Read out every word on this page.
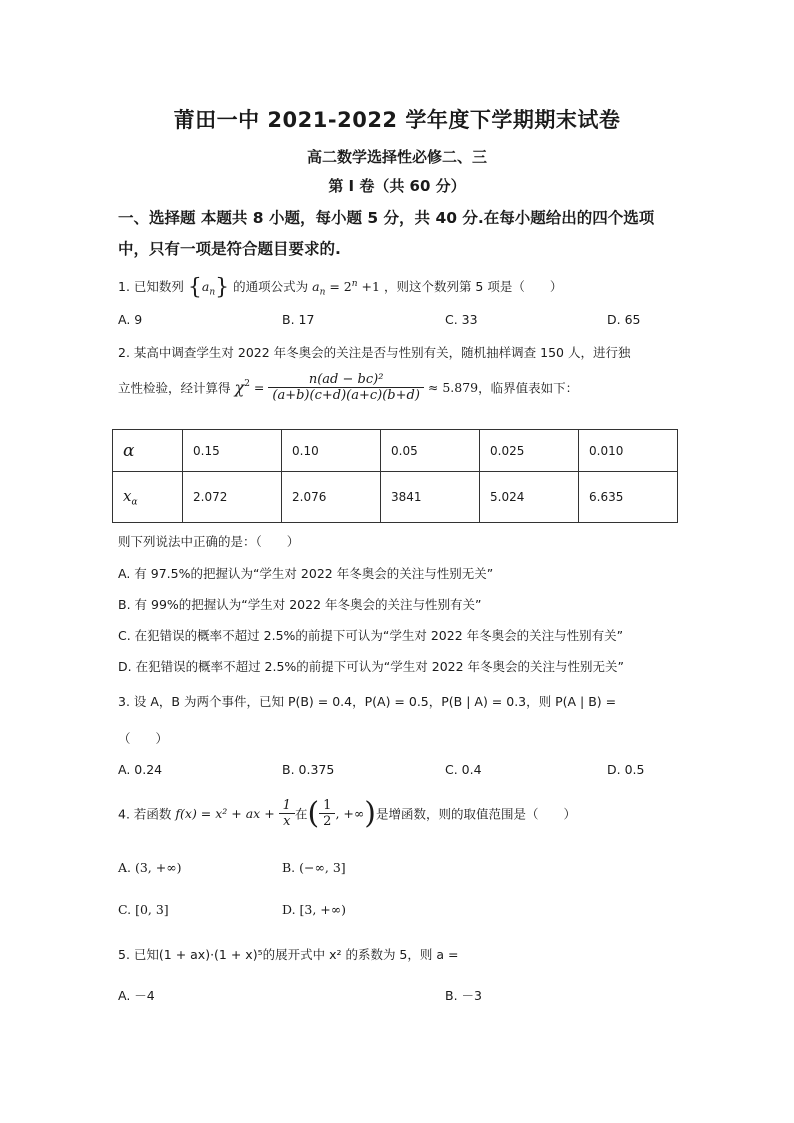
莆田一中 2021-2022 学年度下学期期末试卷
高二数学选择性必修二、三
第 I 卷（共 60 分）
一、选择题 本题共 8 小题，每小题 5 分，共 40 分.在每小题给出的四个选项中，只有一项是符合题目要求的.
1. 已知数列 $\{a_n\}$ 的通项公式为 $a_n = 2^n +1$ ，则这个数列第 5 项是（　　）
A. 9	B. 17	C. 33	D. 65
2. 某高中调查学生对 2022 年冬奥会的关注是否与性别有关，随机抽样调查 150 人，进行独
立性检验，经计算得 $\chi^2 = \frac{\text{n(ad − bc)²}}{(a+b)(c+d)(a+c)(b+d)} \approx 5.879$，临界值表如下：
α	0.15	0.10	0.05	0.025	0.010
$x_\alpha$	2.072	2.076	3841	5.024	6.635
则下列说法中正确的是：（　　）
A. 有 97.5%的把握认为“学生对 2022 年冬奥会的关注与性别无关”
B. 有 99%的把握认为“学生对 2022 年冬奥会的关注与性别有关”
C. 在犯错误的概率不超过 2.5%的前提下可认为“学生对 2022 年冬奥会的关注与性别有关”
D. 在犯错误的概率不超过 2.5%的前提下可认为“学生对 2022 年冬奥会的关注与性别无关”
3. 设 A，B 为两个事件，已知 P(B) = 0.4，P(A) = 0.5，P(B | A) = 0.3，则 P(A | B) =
（　　）
A. 0.24	B. 0.375	C. 0.4	D. 0.5
4. 若函数 f(x) = x² + ax + $\frac{1}{x}$ 在( $\frac{1}{2}$ , +∞)是增函数，则的取值范围是（　　）
A. (3, +∞)	B. (−∞, 3]
C. [0, 3]	D. [3, +∞)
5. 已知(1 + ax)·(1 + x)⁵的展开式中 x² 的系数为 5，则 a =
A. －4	B. －3
